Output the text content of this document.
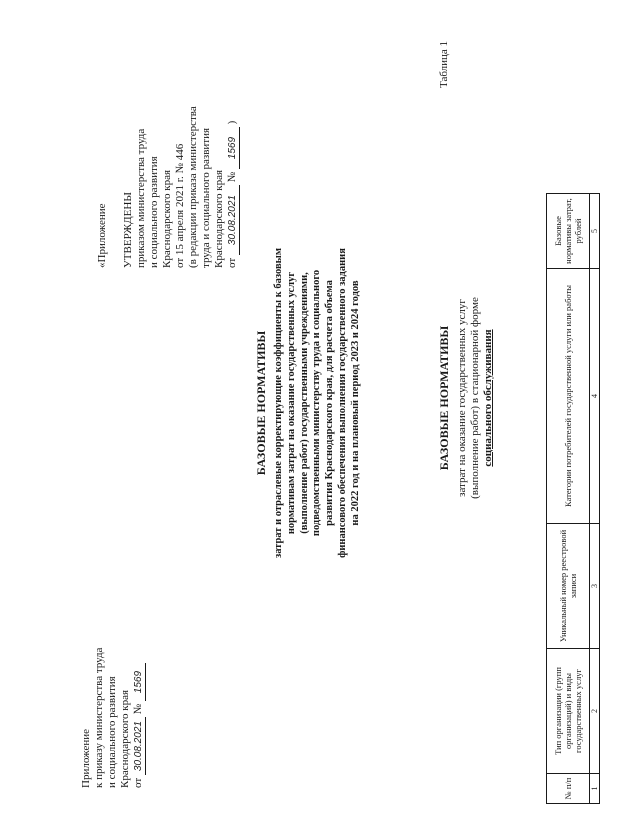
Приложение к приказу министерства труда и социального развития Краснодарского края от 30.08.2021 № 1569
«Приложение УТВЕРЖДЕНЫ приказом министерства труда и социального развития Краснодарского края от 15 апреля 2021 г. № 446 (в редакции приказа министерства труда и социального развития Краснодарского края от 30.08.2021 № 1569 )
БАЗОВЫЕ НОРМАТИВЫ затрат и отраслевые корректирующие коэффициенты к базовым нормативам затрат на оказание государственных услуг (выполнение работ) государственными учреждениями, подведомственными министерству труда и социального развития Краснодарского края, для расчета объема финансового обеспечения выполнения государственного задания на 2022 год и на плановый период 2023 и 2024 годов
Таблица 1
БАЗОВЫЕ НОРМАТИВЫ затрат на оказание государственных услуг (выполнение работ) в стационарной форме социального обслуживания
№ п/п	Тип организации (групп организаций) и виды государственных услуг	Уникальный номер реестровой записи	Категории потребителей государственной услуги или работы	Базовые нормативы затрат, рублей
1	2	3	4	5
